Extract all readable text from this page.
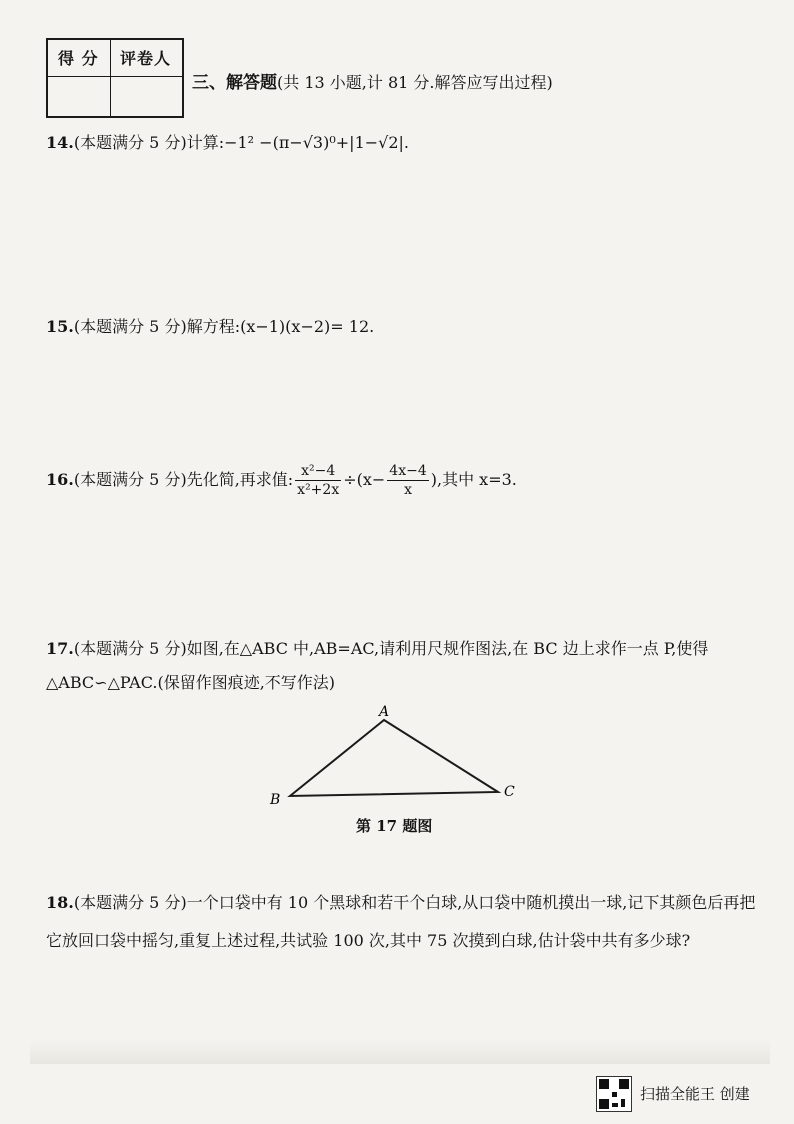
得 分 评卷人
三、解答题(共 13 小题,计 81 分.解答应写出过程)
14.(本题满分 5 分)计算:−1² −(π−√3)⁰+|1−√2|.
15.(本题满分 5 分)解方程:(x−1)(x−2)= 12.
16.(本题满分 5 分)先化简,再求值: $\frac{\text{x²−4}}{\text{x²+2x}} \div(x- \frac{4x-4}{x}$ ),其中 x=3.
17.(本题满分 5 分)如图,在△ABC 中,AB=AC,请利用尺规作图法,在 BC 边上求作一点 P,使得△ABC∽△PAC.(保留作图痕迹,不写作法)
A
B	C
第 17 题图
18.(本题满分 5 分)一个口袋中有 10 个黑球和若干个白球,从口袋中随机摸出一球,记下其颜色后再把它放回口袋中摇匀,重复上述过程,共试验 100 次,其中 75 次摸到白球,估计袋中共有多少球?
扫描全能王 创建
